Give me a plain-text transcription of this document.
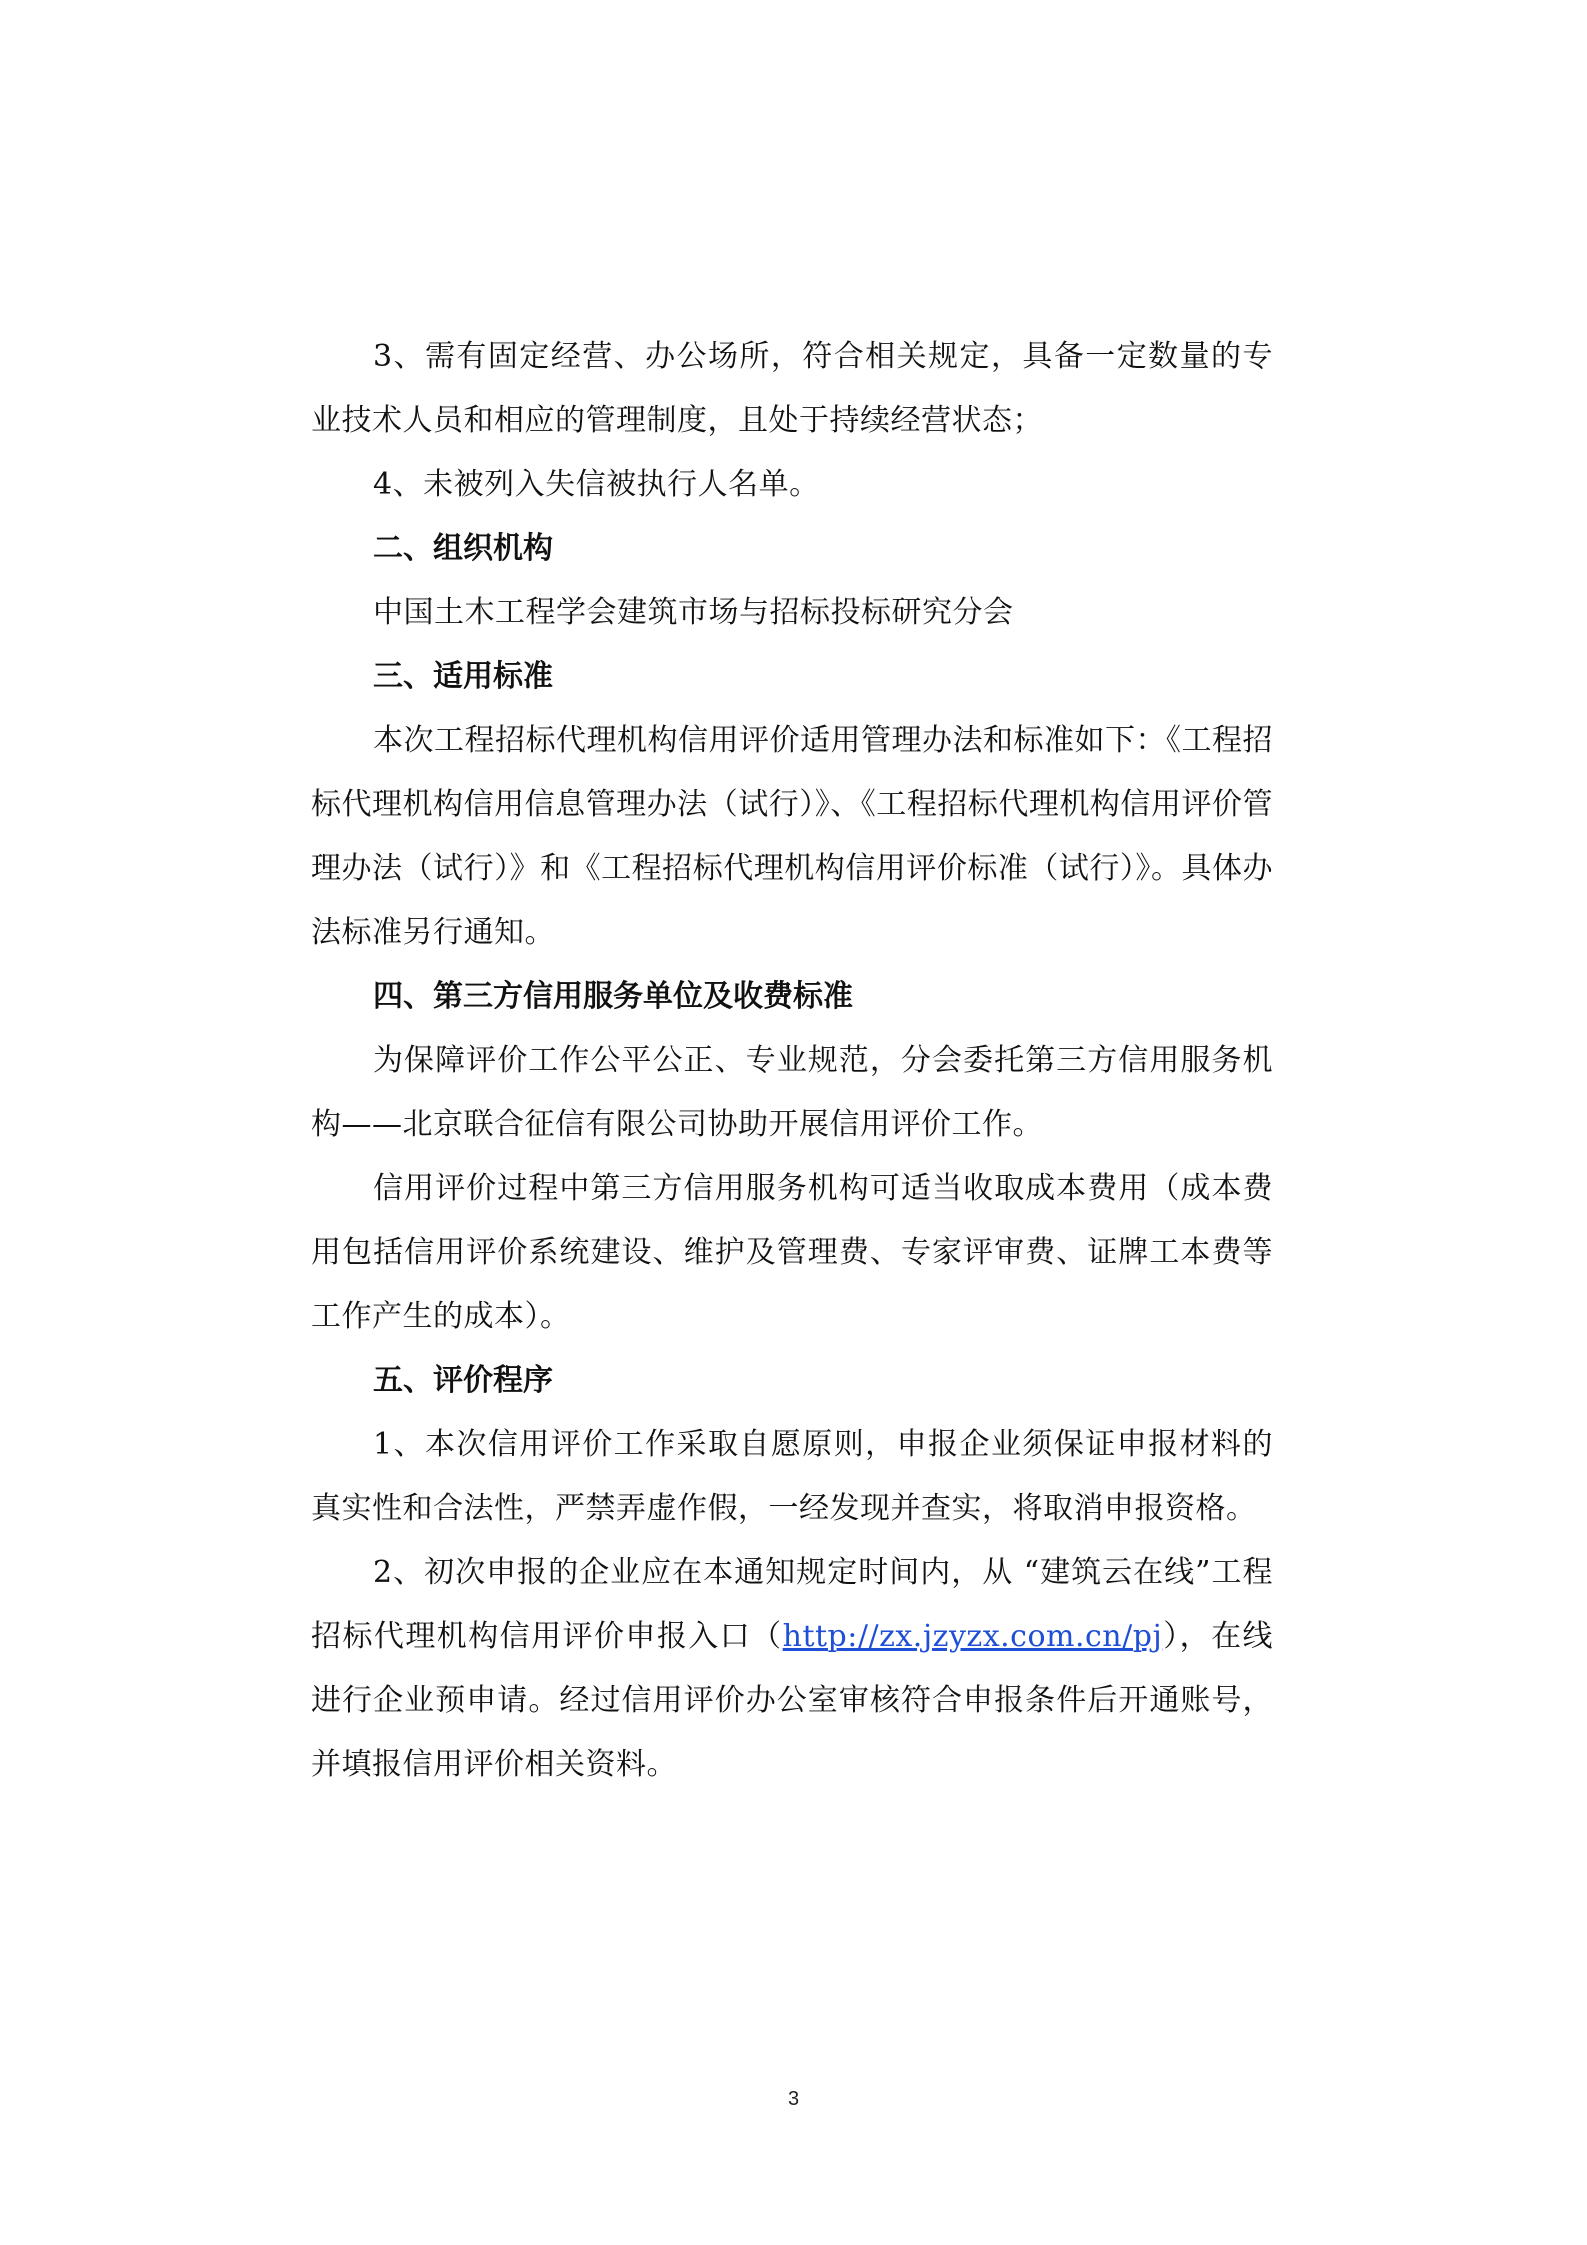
3、需有固定经营、办公场所，符合相关规定，具备一定数量的专业技术人员和相应的管理制度，且处于持续经营状态；

4、未被列入失信被执行人名单。

二、组织机构

中国土木工程学会建筑市场与招标投标研究分会

三、适用标准

本次工程招标代理机构信用评价适用管理办法和标准如下：《工程招标代理机构信用信息管理办法（试行）》、《工程招标代理机构信用评价管理办法（试行）》和《工程招标代理机构信用评价标准（试行）》。具体办法标准另行通知。

四、第三方信用服务单位及收费标准

为保障评价工作公平公正、专业规范，分会委托第三方信用服务机构——北京联合征信有限公司协助开展信用评价工作。

信用评价过程中第三方信用服务机构可适当收取成本费用（成本费用包括信用评价系统建设、维护及管理费、专家评审费、证牌工本费等工作产生的成本）。

五、评价程序

1、本次信用评价工作采取自愿原则，申报企业须保证申报材料的真实性和合法性，严禁弄虚作假，一经发现并查实，将取消申报资格。

2、初次申报的企业应在本通知规定时间内，从 “建筑云在线”工程招标代理机构信用评价申报入口（http://zx.jzyzx.com.cn/pj），在线进行企业预申请。经过信用评价办公室审核符合申报条件后开通账号，并填报信用评价相关资料。

3
